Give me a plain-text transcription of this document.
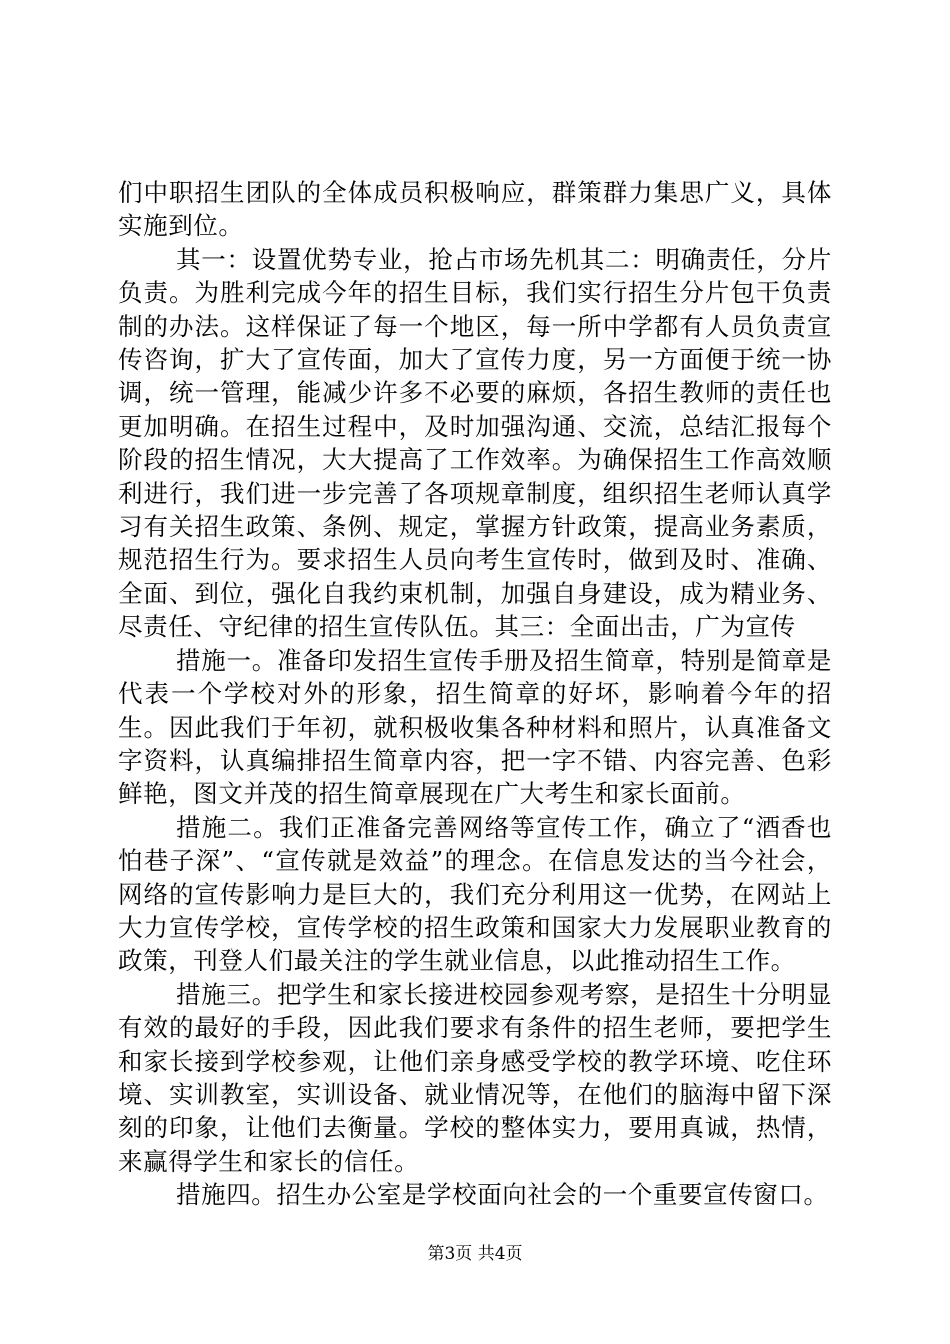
们中职招生团队的全体成员积极响应，群策群力集思广义，具体实施到位。

其一：设置优势专业，抢占市场先机其二：明确责任，分片负责。为胜利完成今年的招生目标，我们实行招生分片包干负责制的办法。这样保证了每一个地区，每一所中学都有人员负责宣传咨询，扩大了宣传面，加大了宣传力度，另一方面便于统一协调，统一管理，能减少许多不必要的麻烦，各招生教师的责任也更加明确。在招生过程中，及时加强沟通、交流，总结汇报每个阶段的招生情况，大大提高了工作效率。为确保招生工作高效顺利进行，我们进一步完善了各项规章制度，组织招生老师认真学习有关招生政策、条例、规定，掌握方针政策，提高业务素质，规范招生行为。要求招生人员向考生宣传时，做到及时、准确、全面、到位，强化自我约束机制，加强自身建设，成为精业务、尽责任、守纪律的招生宣传队伍。其三：全面出击，广为宣传

措施一。准备印发招生宣传手册及招生简章，特别是简章是代表一个学校对外的形象，招生简章的好坏，影响着今年的招生。因此我们于年初，就积极收集各种材料和照片，认真准备文字资料，认真编排招生简章内容，把一字不错、内容完善、色彩鲜艳，图文并茂的招生简章展现在广大考生和家长面前。

措施二。我们正准备完善网络等宣传工作，确立了“酒香也怕巷子深”、“宣传就是效益”的理念。在信息发达的当今社会，网络的宣传影响力是巨大的，我们充分利用这一优势，在网站上大力宣传学校，宣传学校的招生政策和国家大力发展职业教育的政策，刊登人们最关注的学生就业信息，以此推动招生工作。

措施三。把学生和家长接进校园参观考察，是招生十分明显有效的最好的手段，因此我们要求有条件的招生老师，要把学生和家长接到学校参观，让他们亲身感受学校的教学环境、吃住环境、实训教室，实训设备、就业情况等，在他们的脑海中留下深刻的印象，让他们去衡量。学校的整体实力，要用真诚，热情，来赢得学生和家长的信任。

措施四。招生办公室是学校面向社会的一个重要宣传窗口。

第3页 共4页
